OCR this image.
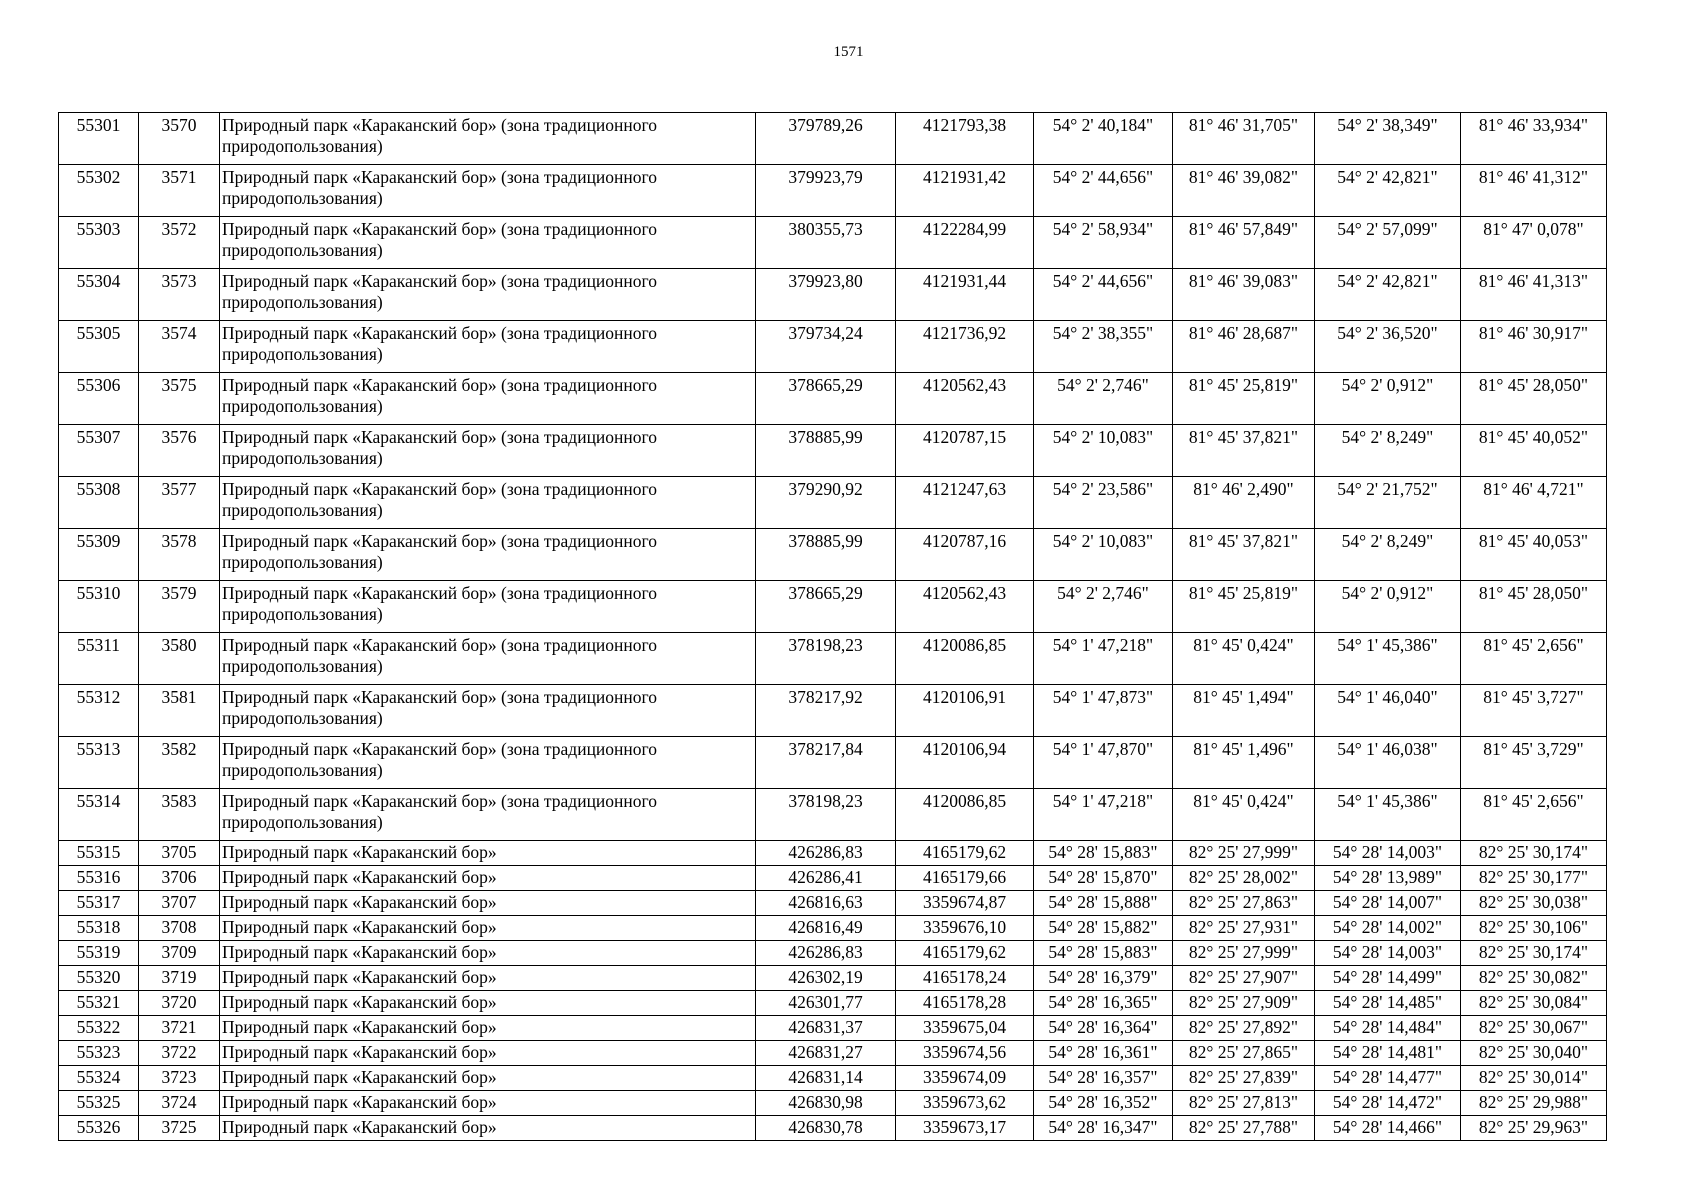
1571
55301	3570	Природный парк «Караканский бор» (зона традиционного природопользования)	379789,26	4121793,38	54° 2' 40,184"	81° 46' 31,705"	54° 2' 38,349"	81° 46' 33,934"
55302	3571	Природный парк «Караканский бор» (зона традиционного природопользования)	379923,79	4121931,42	54° 2' 44,656"	81° 46' 39,082"	54° 2' 42,821"	81° 46' 41,312"
55303	3572	Природный парк «Караканский бор» (зона традиционного природопользования)	380355,73	4122284,99	54° 2' 58,934"	81° 46' 57,849"	54° 2' 57,099"	81° 47' 0,078"
55304	3573	Природный парк «Караканский бор» (зона традиционного природопользования)	379923,80	4121931,44	54° 2' 44,656"	81° 46' 39,083"	54° 2' 42,821"	81° 46' 41,313"
55305	3574	Природный парк «Караканский бор» (зона традиционного природопользования)	379734,24	4121736,92	54° 2' 38,355"	81° 46' 28,687"	54° 2' 36,520"	81° 46' 30,917"
55306	3575	Природный парк «Караканский бор» (зона традиционного природопользования)	378665,29	4120562,43	54° 2' 2,746"	81° 45' 25,819"	54° 2' 0,912"	81° 45' 28,050"
55307	3576	Природный парк «Караканский бор» (зона традиционного природопользования)	378885,99	4120787,15	54° 2' 10,083"	81° 45' 37,821"	54° 2' 8,249"	81° 45' 40,052"
55308	3577	Природный парк «Караканский бор» (зона традиционного природопользования)	379290,92	4121247,63	54° 2' 23,586"	81° 46' 2,490"	54° 2' 21,752"	81° 46' 4,721"
55309	3578	Природный парк «Караканский бор» (зона традиционного природопользования)	378885,99	4120787,16	54° 2' 10,083"	81° 45' 37,821"	54° 2' 8,249"	81° 45' 40,053"
55310	3579	Природный парк «Караканский бор» (зона традиционного природопользования)	378665,29	4120562,43	54° 2' 2,746"	81° 45' 25,819"	54° 2' 0,912"	81° 45' 28,050"
55311	3580	Природный парк «Караканский бор» (зона традиционного природопользования)	378198,23	4120086,85	54° 1' 47,218"	81° 45' 0,424"	54° 1' 45,386"	81° 45' 2,656"
55312	3581	Природный парк «Караканский бор» (зона традиционного природопользования)	378217,92	4120106,91	54° 1' 47,873"	81° 45' 1,494"	54° 1' 46,040"	81° 45' 3,727"
55313	3582	Природный парк «Караканский бор» (зона традиционного природопользования)	378217,84	4120106,94	54° 1' 47,870"	81° 45' 1,496"	54° 1' 46,038"	81° 45' 3,729"
55314	3583	Природный парк «Караканский бор» (зона традиционного природопользования)	378198,23	4120086,85	54° 1' 47,218"	81° 45' 0,424"	54° 1' 45,386"	81° 45' 2,656"
55315	3705	Природный парк «Караканский бор»	426286,83	4165179,62	54° 28' 15,883"	82° 25' 27,999"	54° 28' 14,003"	82° 25' 30,174"
55316	3706	Природный парк «Караканский бор»	426286,41	4165179,66	54° 28' 15,870"	82° 25' 28,002"	54° 28' 13,989"	82° 25' 30,177"
55317	3707	Природный парк «Караканский бор»	426816,63	3359674,87	54° 28' 15,888"	82° 25' 27,863"	54° 28' 14,007"	82° 25' 30,038"
55318	3708	Природный парк «Караканский бор»	426816,49	3359676,10	54° 28' 15,882"	82° 25' 27,931"	54° 28' 14,002"	82° 25' 30,106"
55319	3709	Природный парк «Караканский бор»	426286,83	4165179,62	54° 28' 15,883"	82° 25' 27,999"	54° 28' 14,003"	82° 25' 30,174"
55320	3719	Природный парк «Караканский бор»	426302,19	4165178,24	54° 28' 16,379"	82° 25' 27,907"	54° 28' 14,499"	82° 25' 30,082"
55321	3720	Природный парк «Караканский бор»	426301,77	4165178,28	54° 28' 16,365"	82° 25' 27,909"	54° 28' 14,485"	82° 25' 30,084"
55322	3721	Природный парк «Караканский бор»	426831,37	3359675,04	54° 28' 16,364"	82° 25' 27,892"	54° 28' 14,484"	82° 25' 30,067"
55323	3722	Природный парк «Караканский бор»	426831,27	3359674,56	54° 28' 16,361"	82° 25' 27,865"	54° 28' 14,481"	82° 25' 30,040"
55324	3723	Природный парк «Караканский бор»	426831,14	3359674,09	54° 28' 16,357"	82° 25' 27,839"	54° 28' 14,477"	82° 25' 30,014"
55325	3724	Природный парк «Караканский бор»	426830,98	3359673,62	54° 28' 16,352"	82° 25' 27,813"	54° 28' 14,472"	82° 25' 29,988"
55326	3725	Природный парк «Караканский бор»	426830,78	3359673,17	54° 28' 16,347"	82° 25' 27,788"	54° 28' 14,466"	82° 25' 29,963"
